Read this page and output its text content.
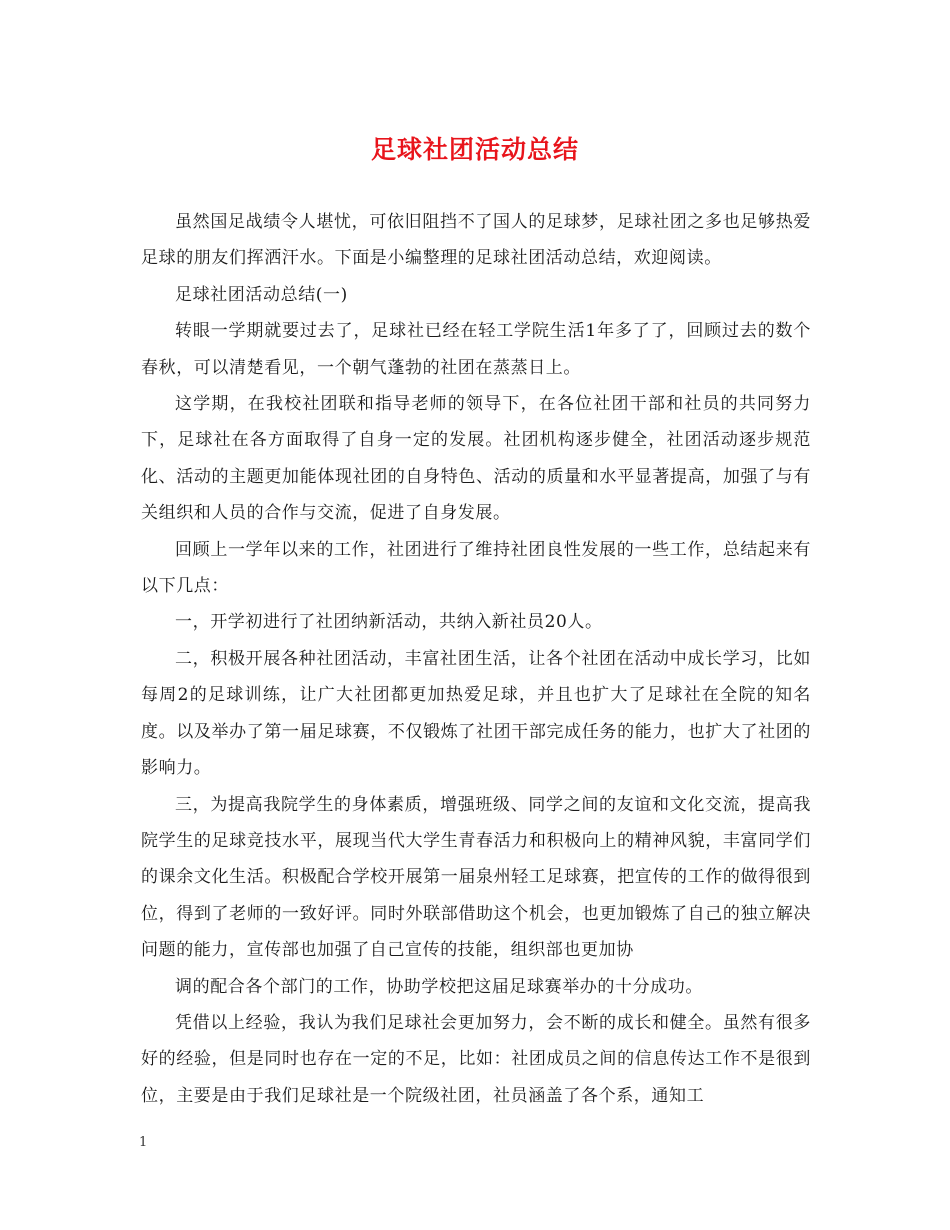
足球社团活动总结

虽然国足战绩令人堪忧，可依旧阻挡不了国人的足球梦，足球社团之多也足够热爱足球的朋友们挥洒汗水。下面是小编整理的足球社团活动总结，欢迎阅读。

足球社团活动总结(一)

转眼一学期就要过去了，足球社已经在轻工学院生活1年多了了，回顾过去的数个春秋，可以清楚看见，一个朝气蓬勃的社团在蒸蒸日上。

这学期，在我校社团联和指导老师的领导下，在各位社团干部和社员的共同努力下，足球社在各方面取得了自身一定的发展。社团机构逐步健全，社团活动逐步规范化、活动的主题更加能体现社团的自身特色、活动的质量和水平显著提高，加强了与有关组织和人员的合作与交流，促进了自身发展。

回顾上一学年以来的工作，社团进行了维持社团良性发展的一些工作，总结起来有以下几点：

一，开学初进行了社团纳新活动，共纳入新社员20人。

二，积极开展各种社团活动，丰富社团生活，让各个社团在活动中成长学习，比如每周2的足球训练，让广大社团都更加热爱足球，并且也扩大了足球社在全院的知名度。以及举办了第一届足球赛，不仅锻炼了社团干部完成任务的能力，也扩大了社团的影响力。

三，为提高我院学生的身体素质，增强班级、同学之间的友谊和文化交流，提高我院学生的足球竞技水平，展现当代大学生青春活力和积极向上的精神风貌，丰富同学们的课余文化生活。积极配合学校开展第一届泉州轻工足球赛，把宣传的工作的做得很到位，得到了老师的一致好评。同时外联部借助这个机会，也更加锻炼了自己的独立解决问题的能力，宣传部也加强了自己宣传的技能，组织部也更加协

调的配合各个部门的工作，协助学校把这届足球赛举办的十分成功。

凭借以上经验，我认为我们足球社会更加努力，会不断的成长和健全。虽然有很多好的经验，但是同时也存在一定的不足，比如：社团成员之间的信息传达工作不是很到位，主要是由于我们足球社是一个院级社团，社员涵盖了各个系，通知工

1
